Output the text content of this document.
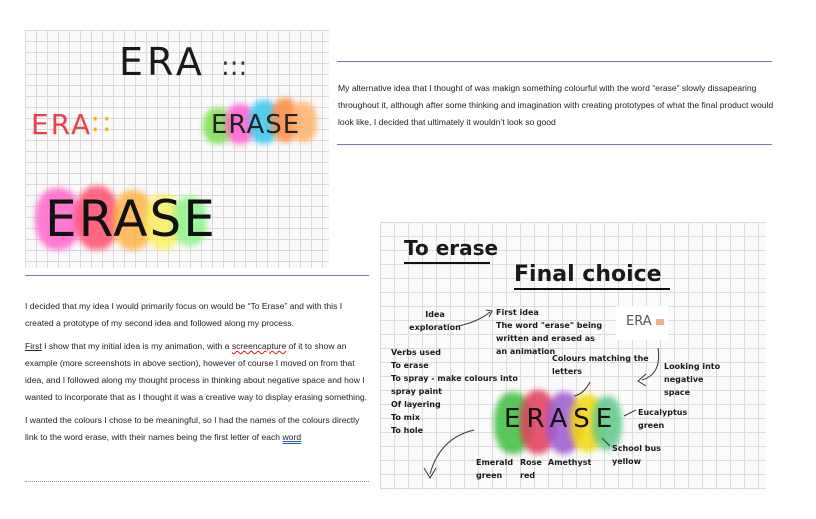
ERA :::
ERA∷	ERASE
ERASE
My alternative idea that I thought of was makign something colourful with the word “erase” slowly dissapearing throughout it, although after some thinking and imagination with creating prototypes of what the final product would look like, I decided that ultimately it wouldn’t look so good

I decided that my idea I would primarily focus on would be “To Erase” and with this I created a prototype of my second idea and followed along my process.

First I show that my initial idea is my animation, with a screencapture of it to show an example (more screenshots in above section), however of course I moved on from that idea, and I followed along my thought process in thinking about negative space and how I wanted to incorporate that as I thought it was a creative way to display erasing something.

I wanted the colours I chose to be meaningful, so I had the names of the colours directly link to the word erase, with their names being the first letter of each word

To erase
Final choice
Idea exploration
First idea
The word "erase" being written and erased as an animation
ERA
Verbs used
To erase
To spray - make colours into spray paint
Of layering
To mix
To hole
Colours matching the letters
Looking into negative space
ERASE Eucalyptus green
School bus yellow
Emerald green
Rose red
Amethyst
